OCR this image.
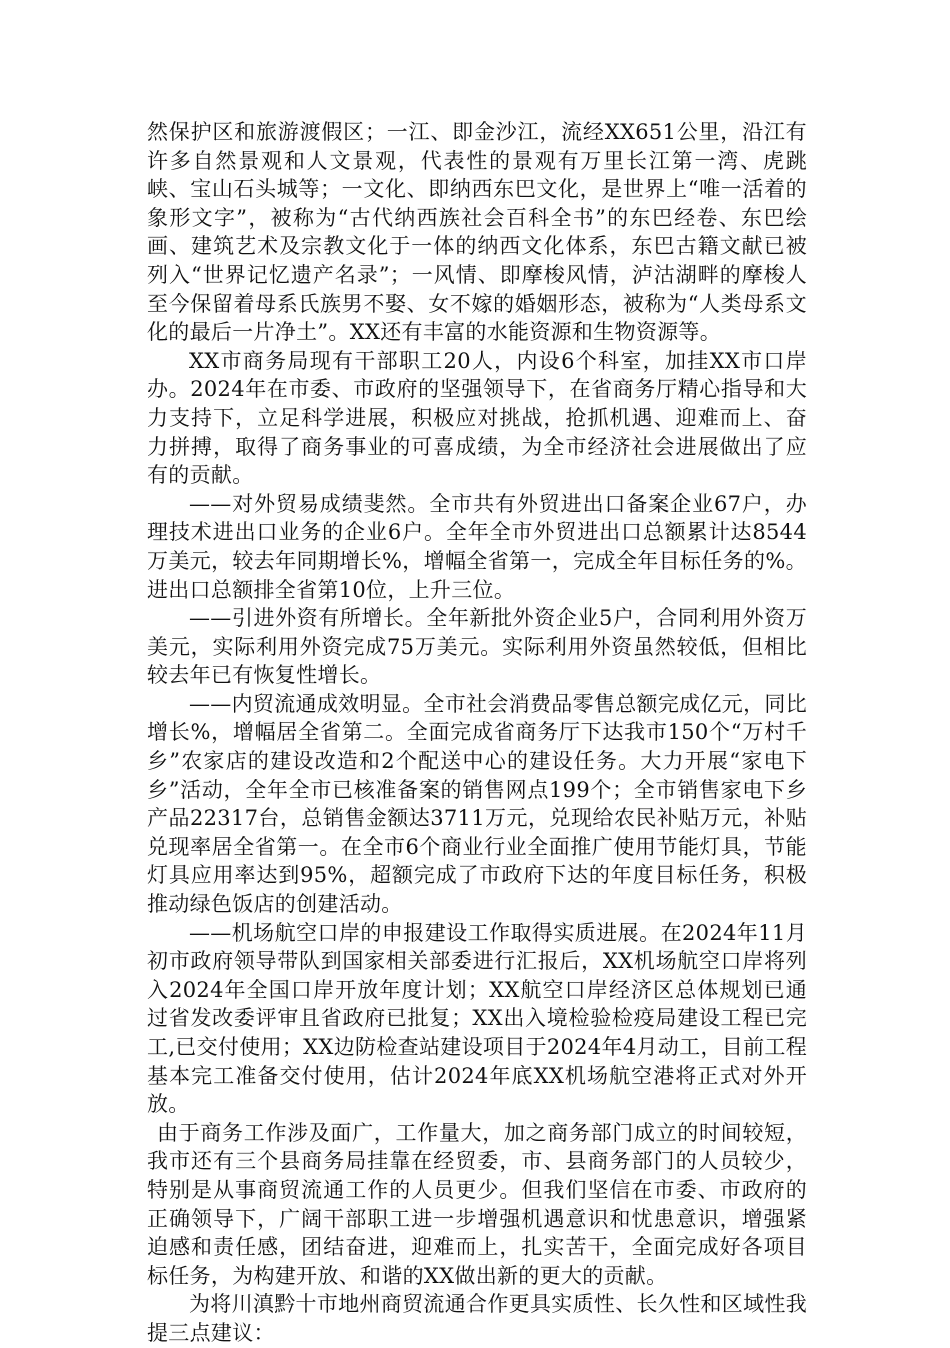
然保护区和旅游渡假区；一江、即金沙江，流经XX651公里，沿江有许多自然景观和人文景观，代表性的景观有万里长江第一湾、虎跳峡、宝山石头城等；一文化、即纳西东巴文化，是世界上“唯一活着的象形文字”，被称为“古代纳西族社会百科全书”的东巴经卷、东巴绘画、建筑艺术及宗教文化于一体的纳西文化体系，东巴古籍文献已被列入“世界记忆遗产名录”；一风情、即摩梭风情，泸沽湖畔的摩梭人至今保留着母系氏族男不娶、女不嫁的婚姻形态，被称为“人类母系文化的最后一片净土”。XX还有丰富的水能资源和生物资源等。

XX市商务局现有干部职工20人，内设6个科室，加挂XX市口岸办。2024年在市委、市政府的坚强领导下，在省商务厅精心指导和大力支持下，立足科学进展，积极应对挑战，抢抓机遇、迎难而上、奋力拼搏，取得了商务事业的可喜成绩，为全市经济社会进展做出了应有的贡献。

——对外贸易成绩斐然。全市共有外贸进出口备案企业67户，办理技术进出口业务的企业6户。全年全市外贸进出口总额累计达8544万美元，较去年同期增长%，增幅全省第一，完成全年目标任务的%。进出口总额排全省第10位，上升三位。

——引进外资有所增长。全年新批外资企业5户，合同利用外资万美元，实际利用外资完成75万美元。实际利用外资虽然较低，但相比较去年已有恢复性增长。

——内贸流通成效明显。全市社会消费品零售总额完成亿元，同比增长%，增幅居全省第二。全面完成省商务厅下达我市150个“万村千乡”农家店的建设改造和2个配送中心的建设任务。大力开展“家电下乡”活动，全年全市已核准备案的销售网点199个；全市销售家电下乡产品22317台，总销售金额达3711万元，兑现给农民补贴万元，补贴兑现率居全省第一。在全市6个商业行业全面推广使用节能灯具，节能灯具应用率达到95%，超额完成了市政府下达的年度目标任务，积极推动绿色饭店的创建活动。

——机场航空口岸的申报建设工作取得实质进展。在2024年11月初市政府领导带队到国家相关部委进行汇报后，XX机场航空口岸将列入2024年全国口岸开放年度计划；XX航空口岸经济区总体规划已通过省发改委评审且省政府已批复；XX出入境检验检疫局建设工程已完工,已交付使用；XX边防检查站建设项目于2024年4月动工，目前工程基本完工准备交付使用，估计2024年底XX机场航空港将正式对外开放。

由于商务工作涉及面广，工作量大，加之商务部门成立的时间较短，我市还有三个县商务局挂靠在经贸委，市、县商务部门的人员较少，特别是从事商贸流通工作的人员更少。但我们坚信在市委、市政府的正确领导下，广阔干部职工进一步增强机遇意识和忧患意识，增强紧迫感和责任感，团结奋进，迎难而上，扎实苦干，全面完成好各项目标任务，为构建开放、和谐的XX做出新的更大的贡献。

为将川滇黔十市地州商贸流通合作更具实质性、长久性和区域性我提三点建议：
